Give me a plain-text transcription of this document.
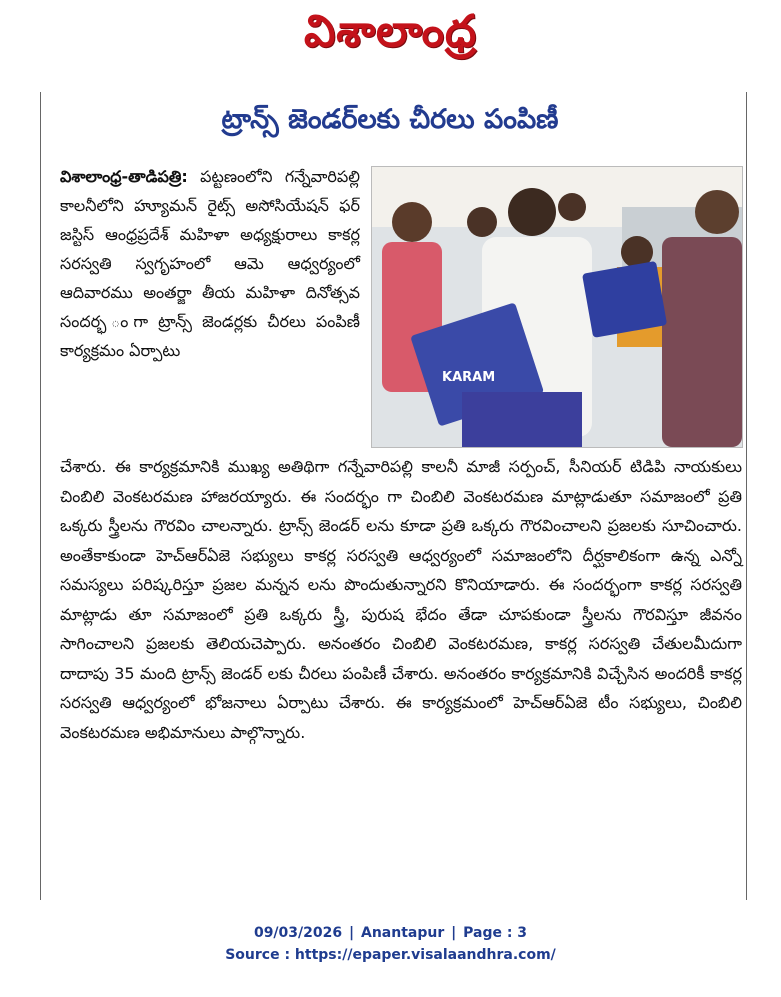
విశాలాంధ్ర
ట్రాన్స్ జెండర్‌లకు చీరలు పంపిణీ
KARAM
విశాలాంధ్ర-తాడిపత్రి: పట్టణంలోని గన్నేవారిపల్లి కాలనీలోని హ్యూమన్ రైట్స్ అసోసియేషన్ ఫర్ జస్టిస్ ఆంధ్రప్రదేశ్ మహిళా అధ్యక్షురాలు కాకర్ల సరస్వతి స్వగృహంలో ఆమె ఆధ్వర్యంలో ఆదివారము అంతర్జా తీయ మహిళా దినోత్సవ సందర్భ ంగా ట్రాన్స్ జెండర్లకు చీరలు పంపిణీ కార్యక్రమం ఏర్పాటు
చేశారు. ఈ కార్యక్రమానికి ముఖ్య అతిథిగా గన్నేవారిపల్లి కాలనీ మాజీ సర్పంచ్, సీనియర్ టిడిపి నాయకులు చింబిలి వెంకటరమణ హాజరయ్యారు. ఈ సందర్భం గా చింబిలి వెంకటరమణ మాట్లాడుతూ సమాజంలో ప్రతి ఒక్కరు స్త్రీలను గౌరవిం చాలన్నారు. ట్రాన్స్ జెండర్ లను కూడా ప్రతి ఒక్కరు గౌరవించాలని ప్రజలకు సూచించారు. అంతేకాకుండా హెచ్ఆర్ఏజె సభ్యులు కాకర్ల సరస్వతి ఆధ్వర్యంలో సమాజంలోని దీర్ఘకాలికంగా ఉన్న ఎన్నో సమస్యలు పరిష్కరిస్తూ ప్రజల మన్నన లను పొందుతున్నారని కొనియాడారు. ఈ సందర్భంగా కాకర్ల సరస్వతి మాట్లాడు తూ సమాజంలో ప్రతి ఒక్కరు స్త్రీ, పురుష భేదం తేడా చూపకుండా స్త్రీలను గౌరవిస్తూ జీవనం సాగించాలని ప్రజలకు తెలియచెప్పారు. అనంతరం చింబిలి వెంకటరమణ, కాకర్ల సరస్వతి చేతులమీదుగా దాదాపు 35 మంది ట్రాన్స్ జెండర్ లకు చీరలు పంపిణీ చేశారు. అనంతరం కార్యక్రమానికి విచ్చేసిన అందరికీ కాకర్ల సరస్వతి ఆధ్వర్యంలో భోజనాలు ఏర్పాటు చేశారు. ఈ కార్యక్రమంలో హెచ్ఆర్ఏజె టీం సభ్యులు, చింబిలి వెంకటరమణ అభిమానులు పాల్గొన్నారు.
09/03/2026 | Anantapur | Page : 3
Source : https://epaper.visalaandhra.com/
